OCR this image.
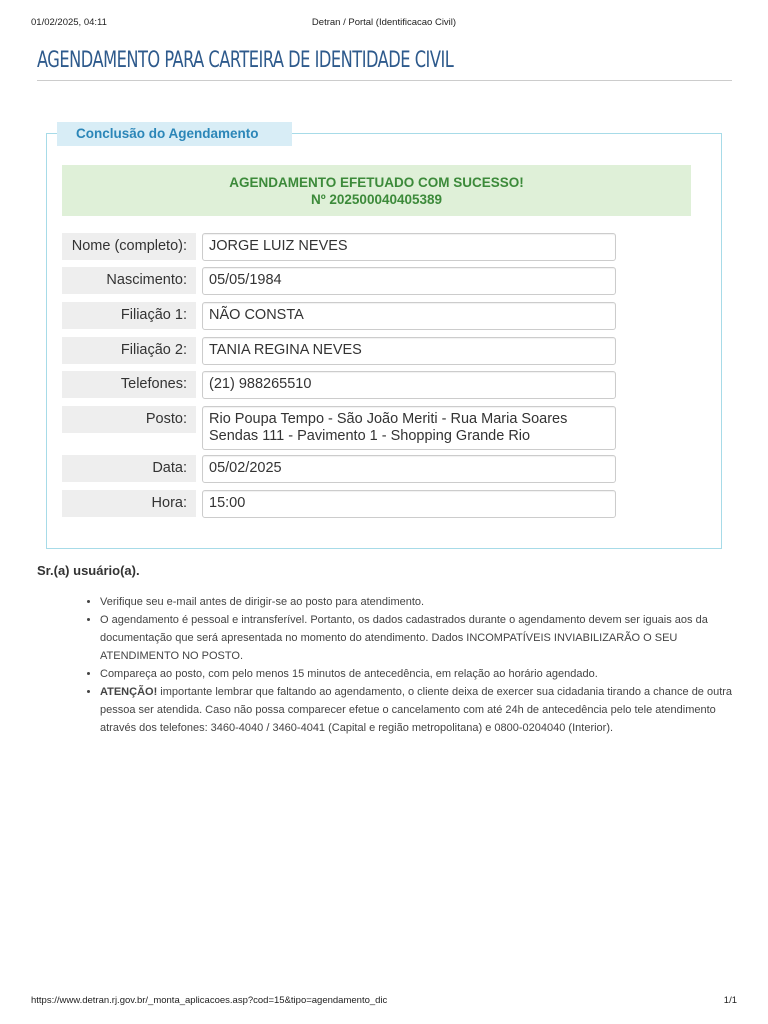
01/02/2025, 04:11	Detran / Portal (Identificacao Civil)
AGENDAMENTO PARA CARTEIRA DE IDENTIDADE CIVIL
Conclusão do Agendamento
AGENDAMENTO EFETUADO COM SUCESSO!
Nº 202500040405389
Nome (completo):	JORGE LUIZ NEVES
Nascimento:	05/05/1984
Filiação 1:	NÃO CONSTA
Filiação 2:	TANIA REGINA NEVES
Telefones:	(21) 988265510
Posto:	Rio Poupa Tempo - São João Meriti - Rua Maria Soares
Sendas 111 - Pavimento 1 - Shopping Grande Rio
Data:	05/02/2025
Hora:	15:00
Sr.(a) usuário(a).
• Verifique seu e-mail antes de dirigir-se ao posto para atendimento.
• O agendamento é pessoal e intransferível. Portanto, os dados cadastrados durante o agendamento devem ser iguais aos da documentação que será apresentada no momento do atendimento. Dados INCOMPATÍVEIS INVIABILIZARÃO O SEU ATENDIMENTO NO POSTO.
• Compareça ao posto, com pelo menos 15 minutos de antecedência, em relação ao horário agendado.
• ATENÇÃO! importante lembrar que faltando ao agendamento, o cliente deixa de exercer sua cidadania tirando a chance de outra pessoa ser atendida. Caso não possa comparecer efetue o cancelamento com até 24h de antecedência pelo tele atendimento através dos telefones: 3460-4040 / 3460-4041 (Capital e região metropolitana) e 0800-0204040 (Interior).
https://www.detran.rj.gov.br/_monta_aplicacoes.asp?cod=15&tipo=agendamento_dic	1/1
